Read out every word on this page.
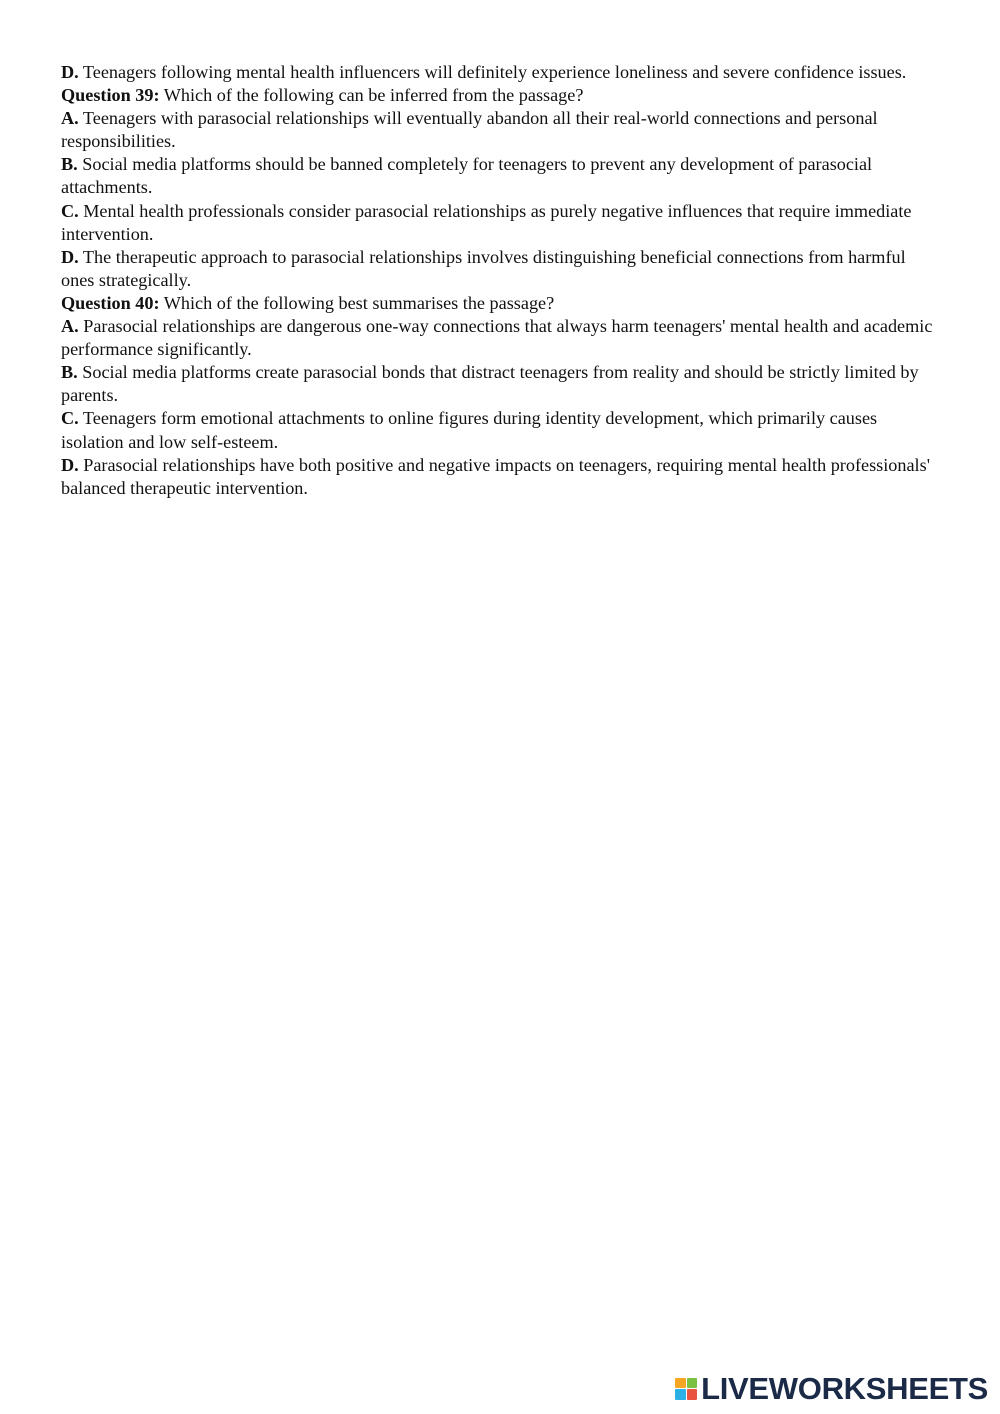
D. Teenagers following mental health influencers will definitely experience loneliness and severe confidence issues.

Question 39: Which of the following can be inferred from the passage?

A. Teenagers with parasocial relationships will eventually abandon all their real-world connections and personal responsibilities.

B. Social media platforms should be banned completely for teenagers to prevent any development of parasocial attachments.

C. Mental health professionals consider parasocial relationships as purely negative influences that require immediate intervention.

D. The therapeutic approach to parasocial relationships involves distinguishing beneficial connections from harmful ones strategically.

Question 40: Which of the following best summarises the passage?

A. Parasocial relationships are dangerous one-way connections that always harm teenagers' mental health and academic performance significantly.

B. Social media platforms create parasocial bonds that distract teenagers from reality and should be strictly limited by parents.

C. Teenagers form emotional attachments to online figures during identity development, which primarily causes isolation and low self-esteem.

D. Parasocial relationships have both positive and negative impacts on teenagers, requiring mental health professionals' balanced therapeutic intervention.

LIVEWORKSHEETS
